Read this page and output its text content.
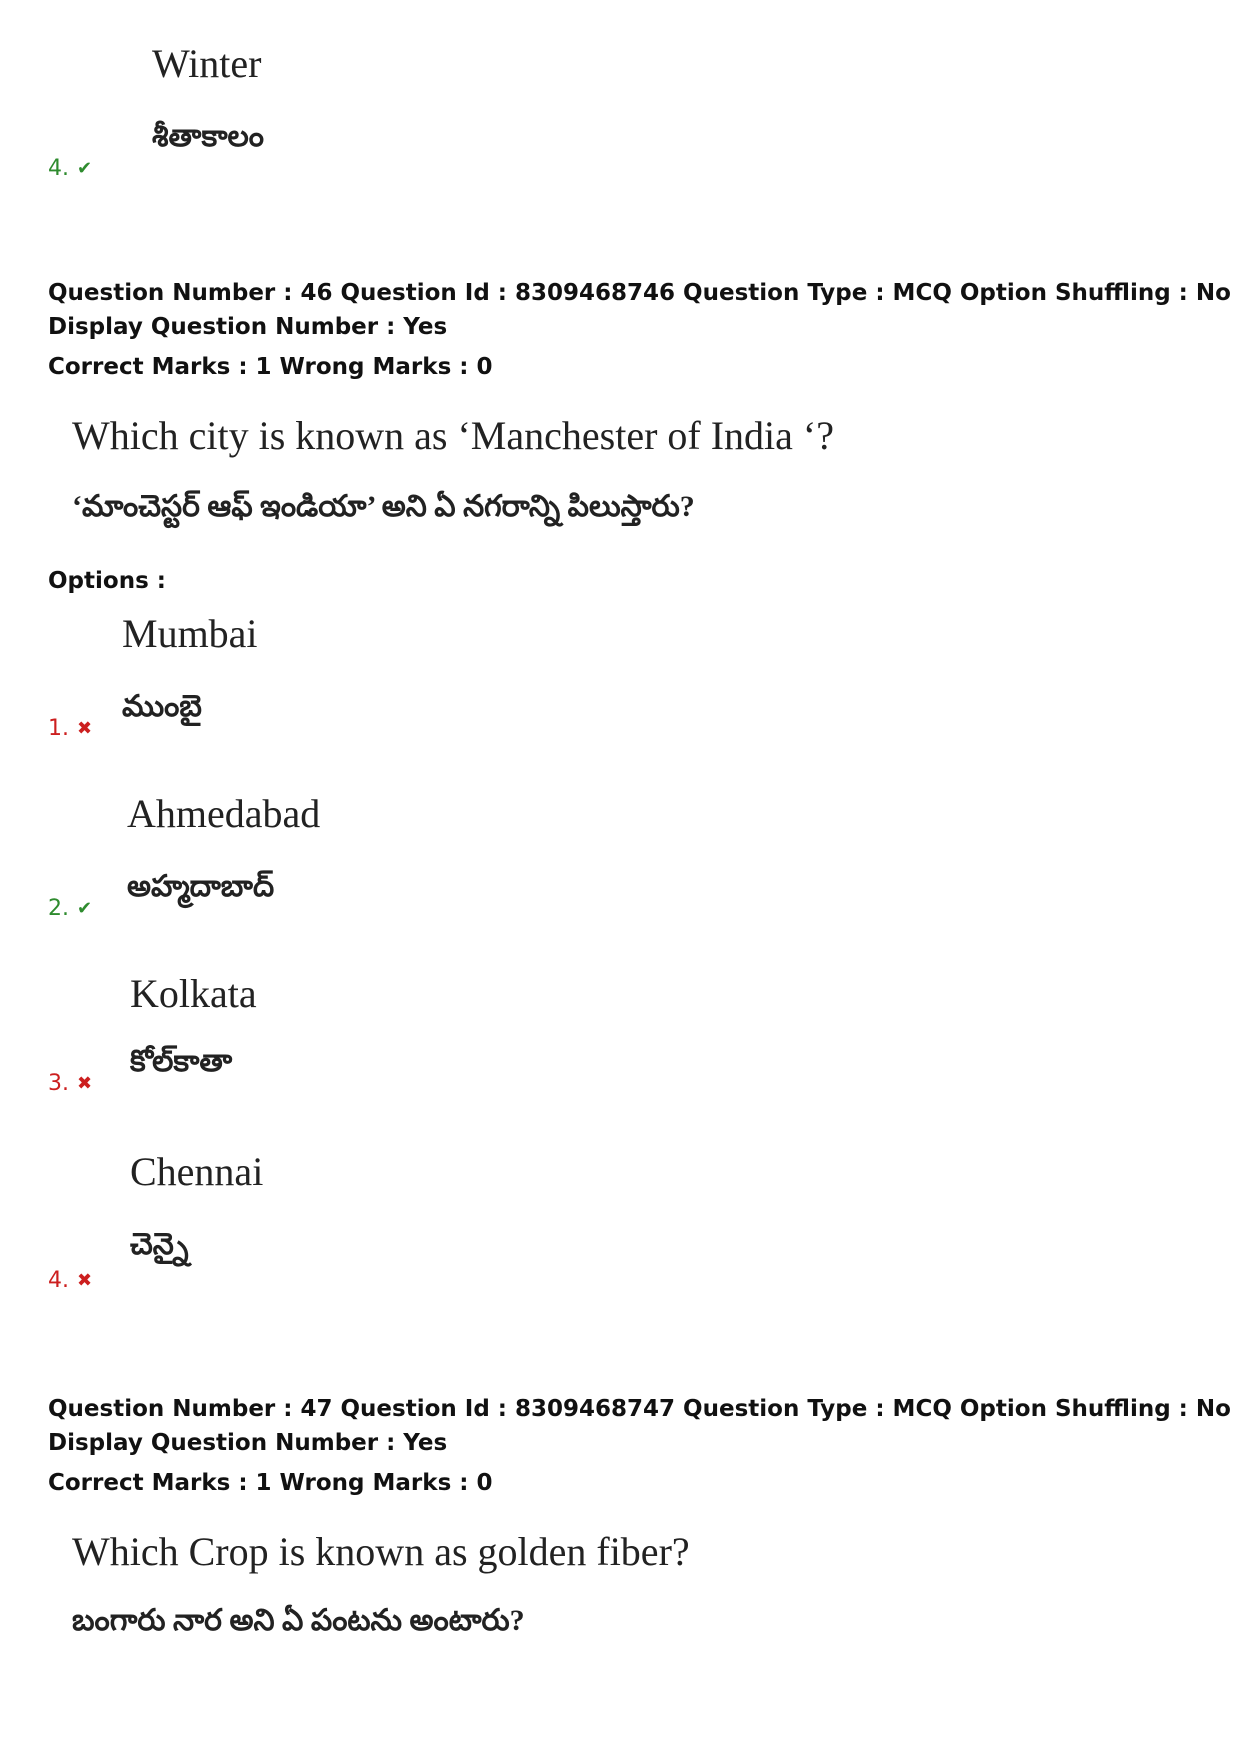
Winter
శీతాకాలం
4. ✔
Question Number : 46 Question Id : 8309468746 Question Type : MCQ Option Shuffling : No
Display Question Number : Yes
Correct Marks : 1 Wrong Marks : 0
Which city is known as ‘Manchester of India ‘?
‘మాంచెస్టర్ ఆఫ్ ఇండియా’ అని ఏ నగరాన్ని పిలుస్తారు?
Options :
Mumbai
ముంబై
1. ✖
Ahmedabad
అహ్మదాబాద్
2. ✔
Kolkata
కోల్‌కాతా
3. ✖
Chennai
చెన్నై
4. ✖
Question Number : 47 Question Id : 8309468747 Question Type : MCQ Option Shuffling : No
Display Question Number : Yes
Correct Marks : 1 Wrong Marks : 0
Which Crop is known as golden fiber?
బంగారు నార అని ఏ పంటను అంటారు?
